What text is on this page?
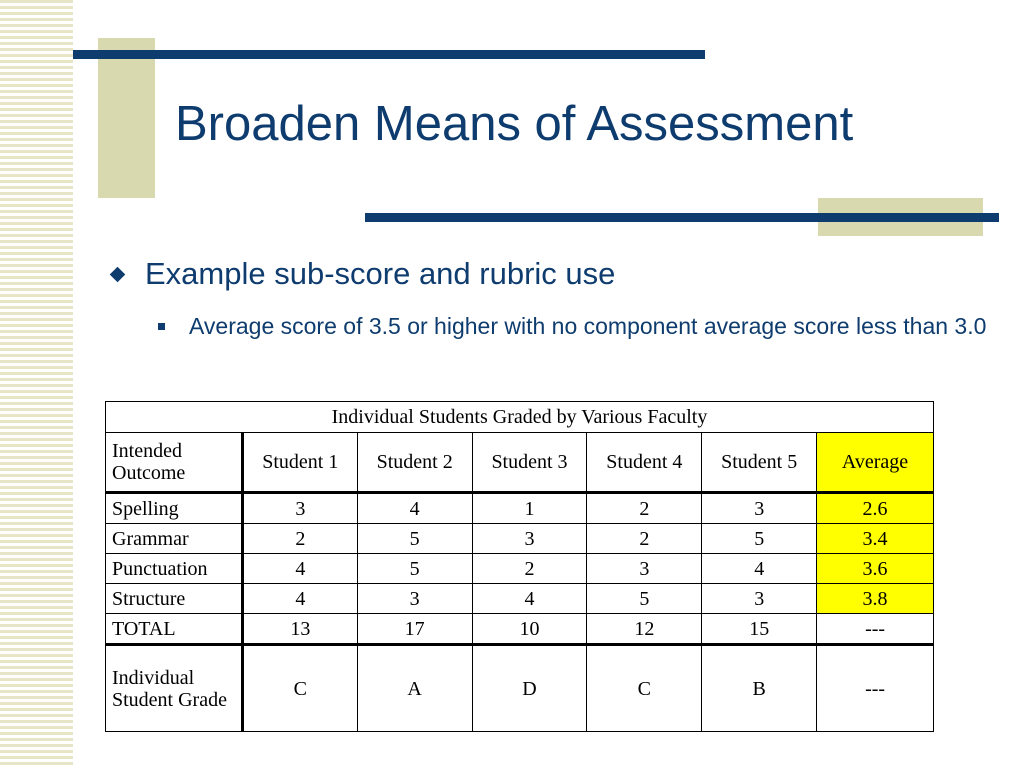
Broaden Means of Assessment
Example sub-score and rubric use
Average score of 3.5 or higher with no component average score less than 3.0
Individual Students Graded by Various Faculty						
Intended Outcome	Student 1	Student 2	Student 3	Student 4	Student 5	Average
Spelling	3	4	1	2	3	2.6
Grammar	2	5	3	2	5	3.4
Punctuation	4	5	2	3	4	3.6
Structure	4	3	4	5	3	3.8
TOTAL	13	17	10	12	15	---
Individual Student Grade	C	A	D	C	B	---
